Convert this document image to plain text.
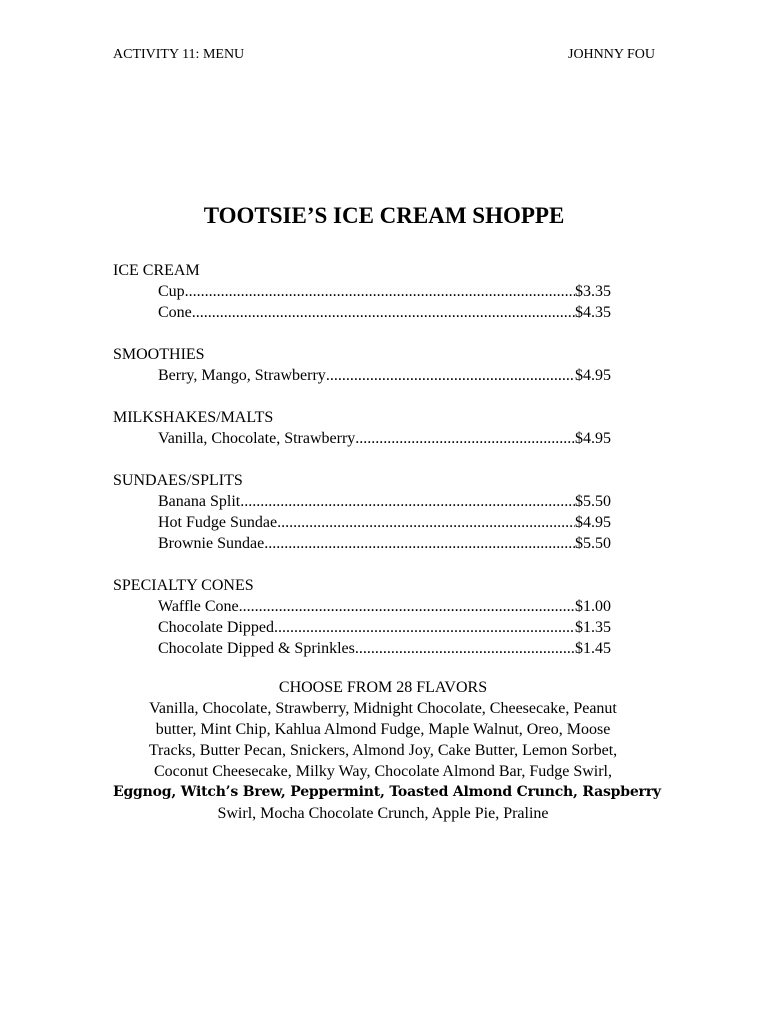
ACTIVITY 11: MENU	JOHNNY FOU
TOOTSIE’S ICE CREAM SHOPPE
ICE CREAM
Cup .....	$3.35
Cone .....	$4.35
SMOOTHIES
Berry, Mango, Strawberry .....	$4.95
MILKSHAKES/MALTS
Vanilla, Chocolate, Strawberry .....	$4.95
SUNDAES/SPLITS
Banana Split .....	$5.50
Hot Fudge Sundae .....	$4.95
Brownie Sundae .....	$5.50
SPECIALTY CONES
Waffle Cone .....	$1.00
Chocolate Dipped .....	$1.35
Chocolate Dipped & Sprinkles .....	$1.45
CHOOSE FROM 28 FLAVORS
Vanilla, Chocolate, Strawberry, Midnight Chocolate, Cheesecake, Peanut
butter, Mint Chip, Kahlua Almond Fudge, Maple Walnut, Oreo, Moose
Tracks, Butter Pecan, Snickers, Almond Joy, Cake Butter, Lemon Sorbet,
Coconut Cheesecake, Milky Way, Chocolate Almond Bar, Fudge Swirl,
Eggnog, Witch’s Brew, Peppermint, Toasted Almond Crunch, Raspberry
Swirl, Mocha Chocolate Crunch, Apple Pie, Praline
